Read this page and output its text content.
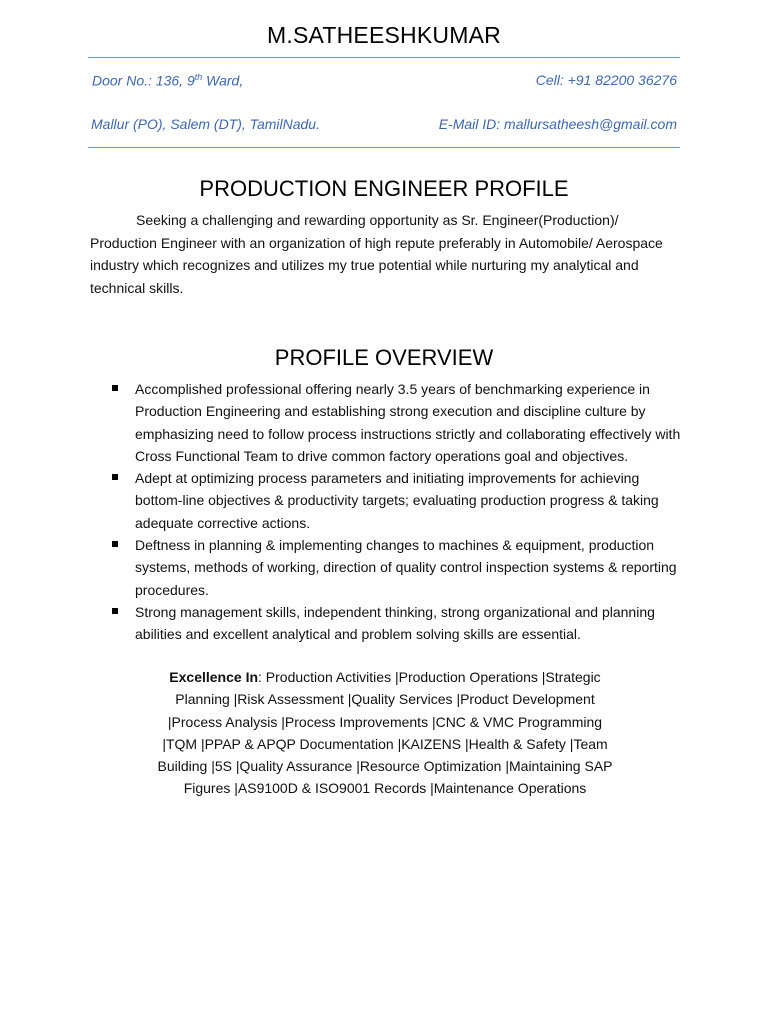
M.SATHEESHKUMAR
Door No.: 136, 9th Ward,	Cell: +91 82200 36276
Mallur (PO), Salem (DT), TamilNadu.	E-Mail ID: mallursatheesh@gmail.com
PRODUCTION ENGINEER PROFILE

Seeking a challenging and rewarding opportunity as Sr. Engineer(Production)/ Production Engineer with an organization of high repute preferably in Automobile/ Aerospace industry which recognizes and utilizes my true potential while nurturing my analytical and technical skills.

PROFILE OVERVIEW
Accomplished professional offering nearly 3.5 years of benchmarking experience in Production Engineering and establishing strong execution and discipline culture by emphasizing need to follow process instructions strictly and collaborating effectively with Cross Functional Team to drive common factory operations goal and objectives.
Adept at optimizing process parameters and initiating improvements for achieving bottom-line objectives & productivity targets; evaluating production progress & taking adequate corrective actions.
Deftness in planning & implementing changes to machines & equipment, production systems, methods of working, direction of quality control inspection systems & reporting procedures.
Strong management skills, independent thinking, strong organizational and planning abilities and excellent analytical and problem solving skills are essential.

Excellence In: Production Activities |Production Operations |Strategic Planning |Risk Assessment |Quality Services |Product Development |Process Analysis |Process Improvements |CNC & VMC Programming |TQM |PPAP & APQP Documentation |KAIZENS |Health & Safety |Team Building |5S |Quality Assurance |Resource Optimization |Maintaining SAP Figures |AS9100D & ISO9001 Records |Maintenance Operations
